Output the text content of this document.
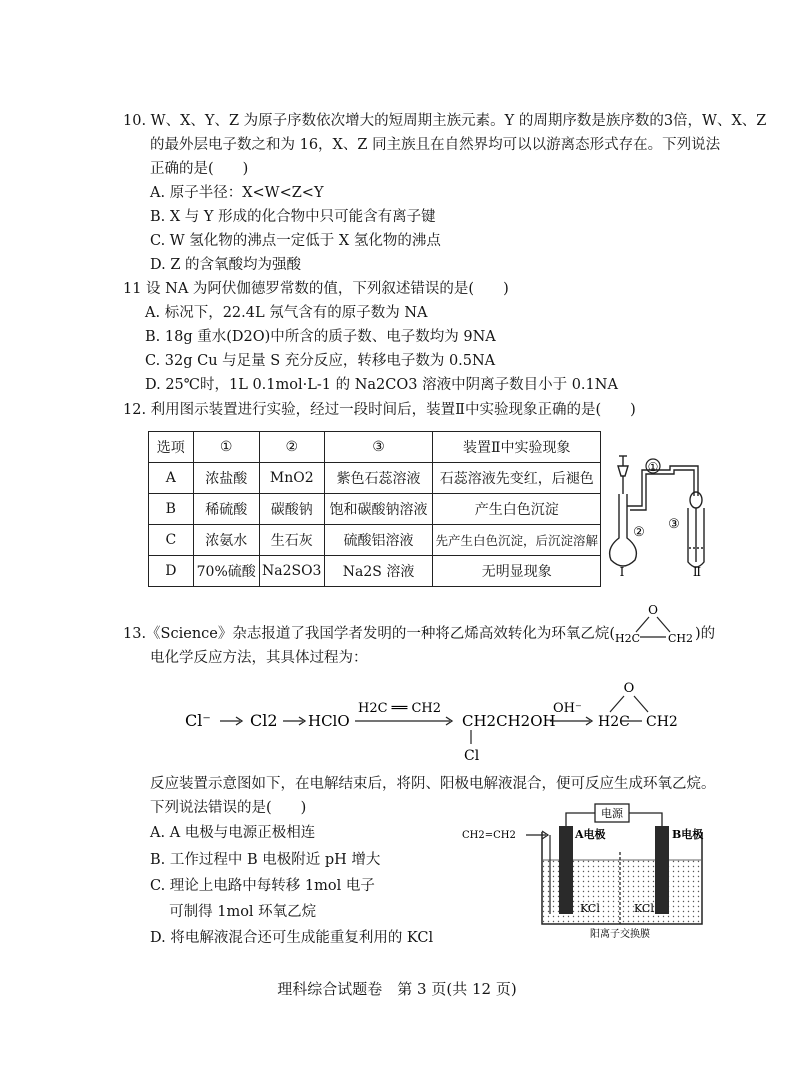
10. W、X、Y、Z 为原子序数依次增大的短周期主族元素。Y 的周期序数是族序数的3倍，W、X、Z
的最外层电子数之和为 16，X、Z 同主族且在自然界均可以以游离态形式存在。下列说法
正确的是(　　)
A. 原子半径：X<W<Z<Y
B. X 与 Y 形成的化合物中只可能含有离子键
C. W 氢化物的沸点一定低于 X 氢化物的沸点
D. Z 的含氧酸均为强酸
11 设 NA 为阿伏伽德罗常数的值，下列叙述错误的是(　　)
A. 标况下，22.4L 氖气含有的原子数为 NA
B. 18g 重水(D2O)中所含的质子数、电子数均为 9NA
C. 32g Cu 与足量 S 充分反应，转移电子数为 0.5NA
D. 25℃时，1L 0.1mol·L-1 的 Na2CO3 溶液中阴离子数目小于 0.1NA
12. 利用图示装置进行实验，经过一段时间后，装置Ⅱ中实验现象正确的是(　　)
选项	①	②	③	装置Ⅱ中实验现象
A	浓盐酸	MnO2	紫色石蕊溶液	石蕊溶液先变红，后褪色
B	稀硫酸	碳酸钠	饱和碳酸钠溶液	产生白色沉淀
C	浓氨水	生石灰	硫酸铝溶液	先产生白色沉淀，后沉淀溶解
D	70%硫酸	Na2SO3	Na2S 溶液	无明显现象
①
②
③
Ⅰ	Ⅱ
13.《Science》杂志报道了我国学者发明的一种将乙烯高效转化为环氧乙烷(
O
H2C	CH2 )的
电化学反应方法，其具体过程为：
Cl⁻ Cl2 HClO
H2C ══ CH2
CH2CH2OH
Cl
OH⁻
O
H2C CH2
反应装置示意图如下，在电解结束后，将阴、阳极电解液混合，便可反应生成环氧乙烷。
下列说法错误的是(　　)
A. A 电极与电源正极相连
B. 工作过程中 B 电极附近 pH 增大
C. 理论上电路中每转移 1mol 电子
　 可制得 1mol 环氧乙烷
D. 将电解液混合还可生成能重复利用的 KCl
电源
A电极	B电极
CH2=CH2
KCl	KCl
阳离子交换膜
理科综合试题卷　第 3 页(共 12 页)
